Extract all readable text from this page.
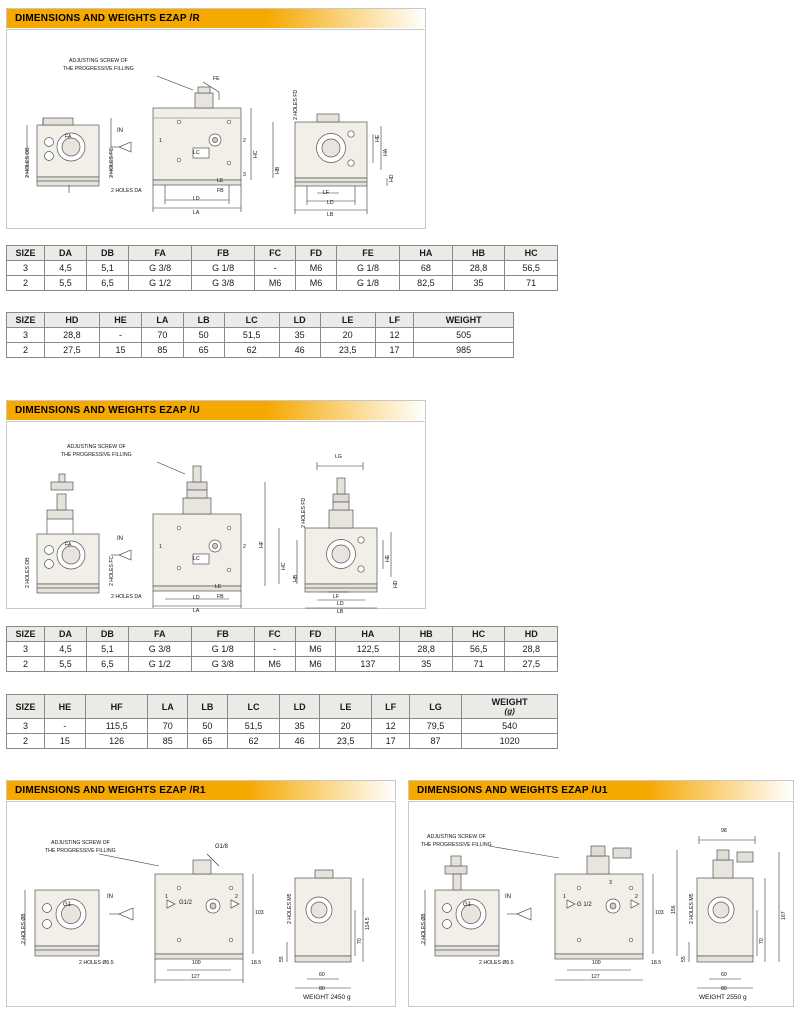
DIMENSIONS AND WEIGHTS EZAP /R
ADJUSTING SCREW OF
THE PROGRESSIVE FILLING
IN
FE
FA
FB
LC
LA
LD
LE
LF
LB
LD
2 HOLES DA
2 HOLES DB	2 HOLES FC
2 HOLES FD
HC
HB
HA
HE
HD
1	2
3
SIZE	DA	DB	FA	FB	FC	FD	FE	HA	HB	HC
3	4,5	5,1	G 3/8	G 1/8	-	M6	G 1/8	68	28,8	56,5
2	5,5	6,5	G 1/2	G 3/8	M6	M6	G 1/8	82,5	35	71
SIZE	HD	HE	LA	LB	LC	LD	LE	LF	WEIGHT
3	28,8	-	70	50	51,5	35	20	12	505
2	27,5	15	85	65	62	46	23,5	17	985
DIMENSIONS AND WEIGHTS EZAP /U
ADJUSTING SCREW OF
THE PROGRESSIVE FILLING
IN
LG
FA
FB
LC
LA
LD
LE
LF
LB
LD
2 HOLES DA
2 HOLES DB	2 HOLES FC
2 HOLES FD
HF
HC
HB
HE
HD
1	2
SIZE	DA	DB	FA	FB	FC	FD	HA	HB	HC	HD
3	4,5	5,1	G 3/8	G 1/8	-	M6	122,5	28,8	56,5	28,8
2	5,5	6,5	G 1/2	G 3/8	M6	M6	137	35	71	27,5
SIZE	HE	HF	LA	LB	LC	LD	LE	LF	LG	WEIGHT
(g)

3	-	115,5	70	50	51,5	35	20	12	79,5	540
2	15	126	85	65	62	46	23,5	17	87	1020
DIMENSIONS AND WEIGHTS EZAP /R1
ADJUSTING SCREW OF
THE PROGRESSIVE FILLING
IN
G1
G1/8
G1/2
1	2
2 HOLES Ø8
2 HOLES Ø6.5
2 HOLES M5
103
100
127
18.5
60
80
70
55
114.5
WEIGHT 2450 g
DIMENSIONS AND WEIGHTS EZAP /U1
ADJUSTING SCREW OF
THE PROGRESSIVE FILLING
IN
G1	G 1/2
1	2
3
2 HOLES Ø8
2 HOLES Ø6.5
2 HOLES M5
98
156
167
103
100
127
18.5
60
80
70
55
WEIGHT 2550 g
